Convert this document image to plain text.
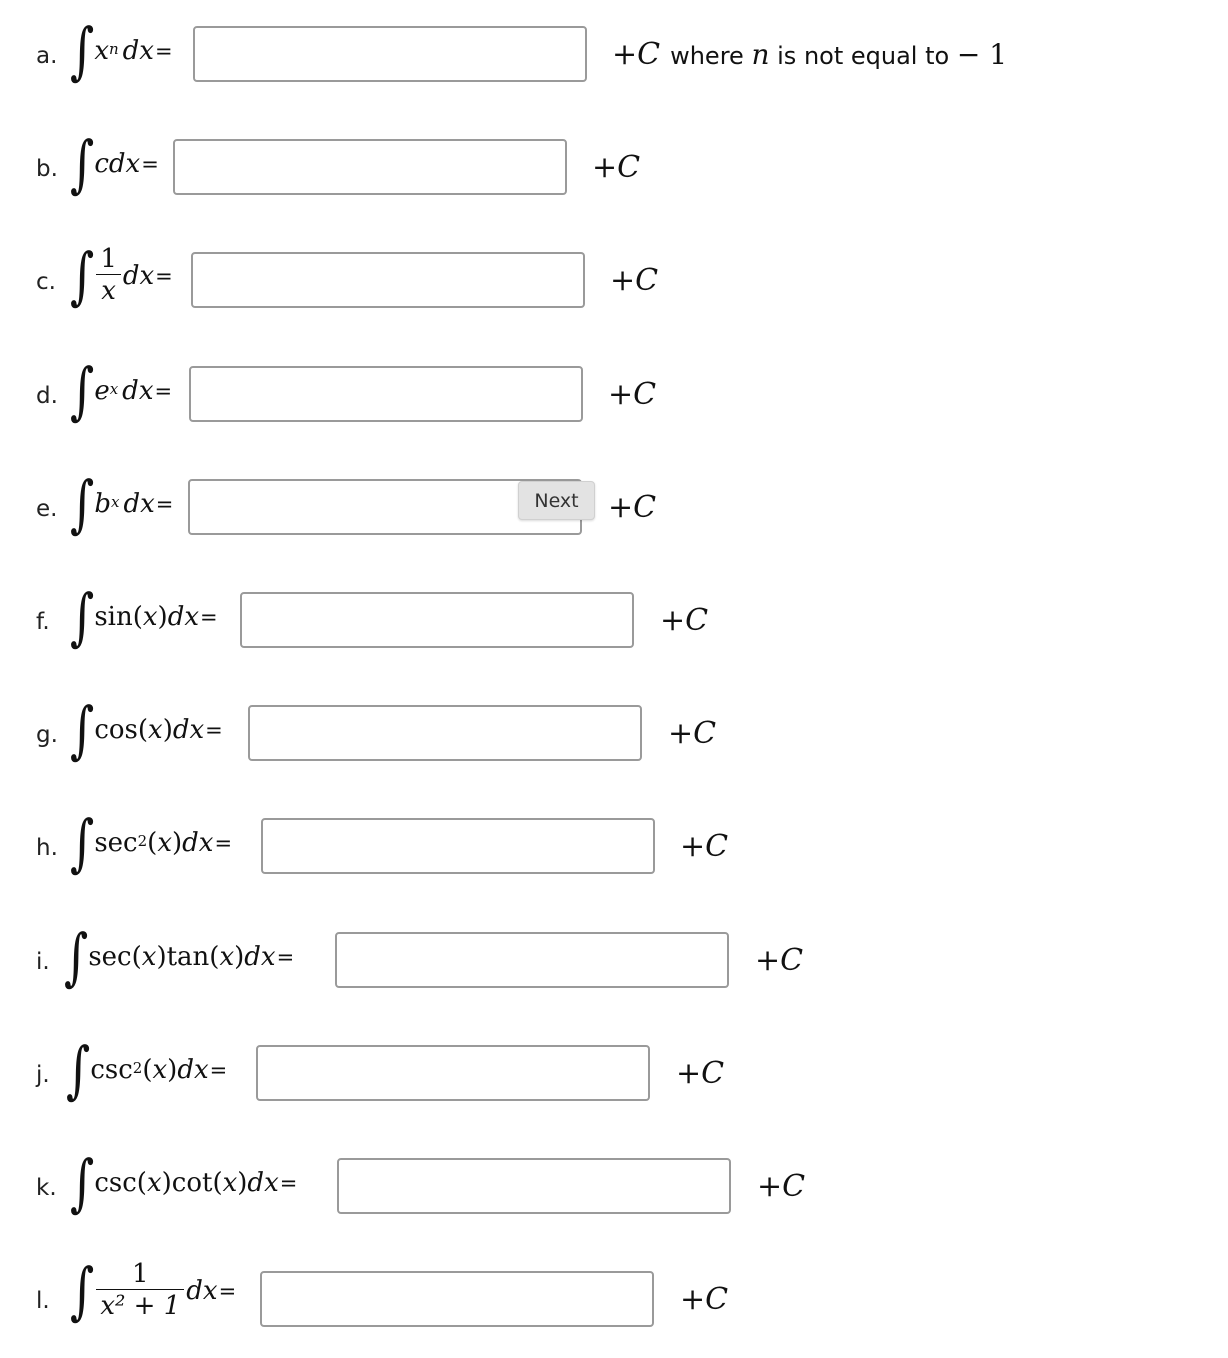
a. ∫ $x^n$ dx =	+C where n is not equal to − 1
b. ∫ c dx =	+C
c. ∫ $\frac{1}{x}$ dx =	+C
d. ∫ $e^x$ dx =	+C
e. ∫ $b^x$ dx =	+C
f. ∫ sin ( x ) dx =	+C
g. ∫ cos ( x ) dx =	+C
h. ∫ $\sec^2$ ( x ) dx =	+C
i. ∫ sec ( x ) tan ( x ) dx =	+C
j. ∫ $\csc^2$ ( x ) dx =	+C
k. ∫ csc ( x ) cot ( x ) dx =	+C
l. ∫ $\frac{1}{\text{x² + 1}}$ dx =	+C
Next
